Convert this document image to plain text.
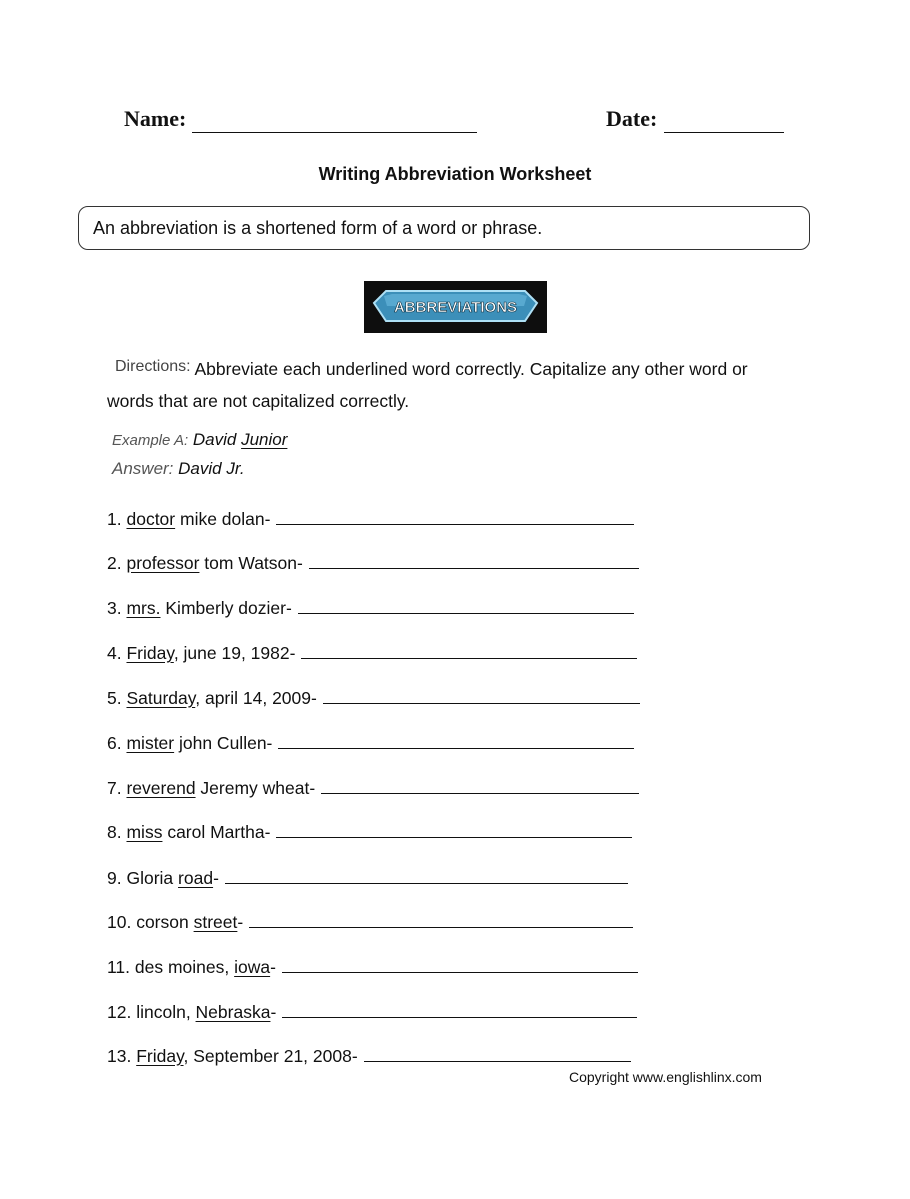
Name:	Date:
Writing Abbreviation Worksheet
An abbreviation is a shortened form of a word or phrase.
ABBREVIATIONS
Directions: Abbreviate each underlined word correctly. Capitalize any other word or words that are not capitalized correctly.
Example A: David Junior
Answer: David Jr.
1. doctor mike dolan-
2. professor tom Watson-
3. mrs. Kimberly dozier-
4. Friday, june 19, 1982-
5. Saturday, april 14, 2009-
6. mister john Cullen-
7. reverend Jeremy wheat-
8. miss carol Martha-
9. Gloria road-
10. corson street-
11. des moines, iowa-
12. lincoln, Nebraska-
13. Friday, September 21, 2008-
Copyright www.englishlinx.com
